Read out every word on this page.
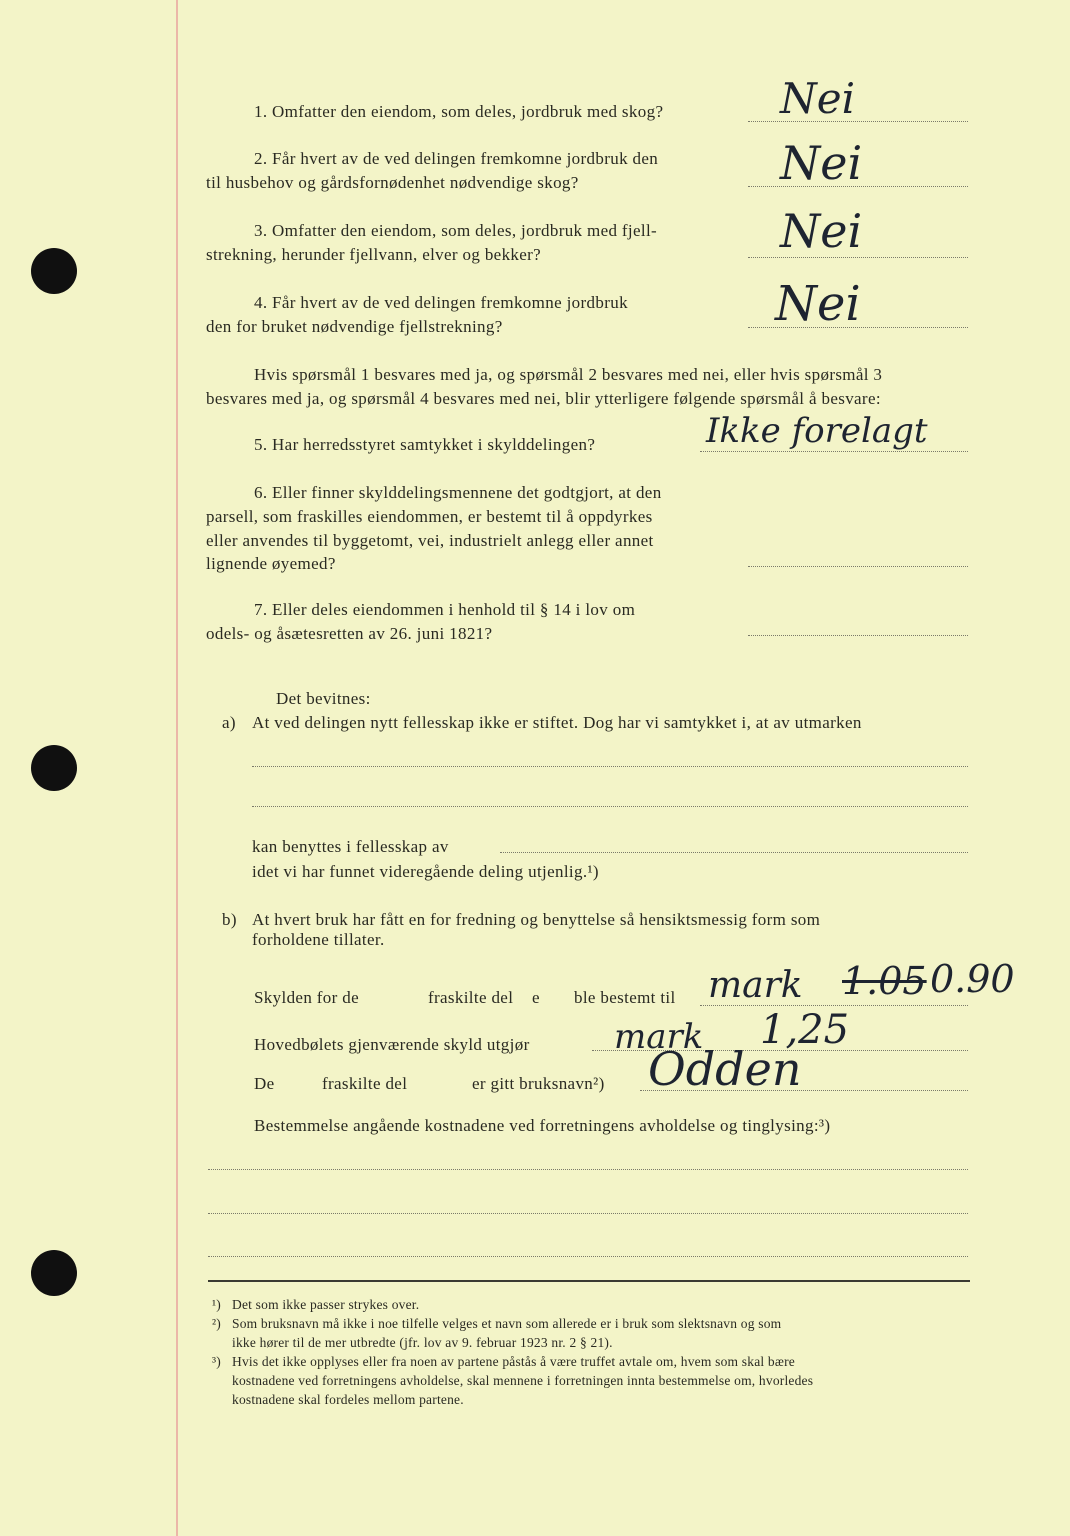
1. Omfatter den eiendom, som deles, jordbruk med skog?	Nei
2. Får hvert av de ved delingen fremkomne jordbruk den
til husbehov og gårdsfornødenhet nødvendige skog?	Nei
3. Omfatter den eiendom, som deles, jordbruk med fjell-
strekning, herunder fjellvann, elver og bekker?	Nei
4. Får hvert av de ved delingen fremkomne jordbruk
den for bruket nødvendige fjellstrekning?	Nei
Hvis spørsmål 1 besvares med ja, og spørsmål 2 besvares med nei, eller hvis spørsmål 3
besvares med ja, og spørsmål 4 besvares med nei, blir ytterligere følgende spørsmål å besvare:
5. Har herredsstyret samtykket i skylddelingen?	Ikke forelagt
6. Eller finner skylddelingsmennene det godtgjort, at den
parsell, som fraskilles eiendommen, er bestemt til å oppdyrkes
eller anvendes til byggetomt, vei, industrielt anlegg eller annet
lignende øyemed?
7. Eller deles eiendommen i henhold til § 14 i lov om
odels- og åsætesretten av 26. juni 1821?
Det bevitnes:
a) At ved delingen nytt fellesskap ikke er stiftet. Dog har vi samtykket i, at av utmarken
kan benyttes i fellesskap av
idet vi har funnet videregående deling utjenlig.¹)
b) At hvert bruk har fått en for fredning og benyttelse så hensiktsmessig form som
forholdene tillater.
Skylden for de	fraskilte del e ble bestemt til mark 1.05 0.90
Hovedbølets gjenværende skyld utgjør mark 1,25
De	fraskilte del	er gitt bruksnavn²) Odden
Bestemmelse angående kostnadene ved forretningens avholdelse og tinglysing:³)
¹) Det som ikke passer strykes over.
²) Som bruksnavn må ikke i noe tilfelle velges et navn som allerede er i bruk som slektsnavn og som
ikke hører til de mer utbredte (jfr. lov av 9. februar 1923 nr. 2 § 21).
³) Hvis det ikke opplyses eller fra noen av partene påstås å være truffet avtale om, hvem som skal bære
kostnadene ved forretningens avholdelse, skal mennene i forretningen innta bestemmelse om, hvorledes
kostnadene skal fordeles mellom partene.
